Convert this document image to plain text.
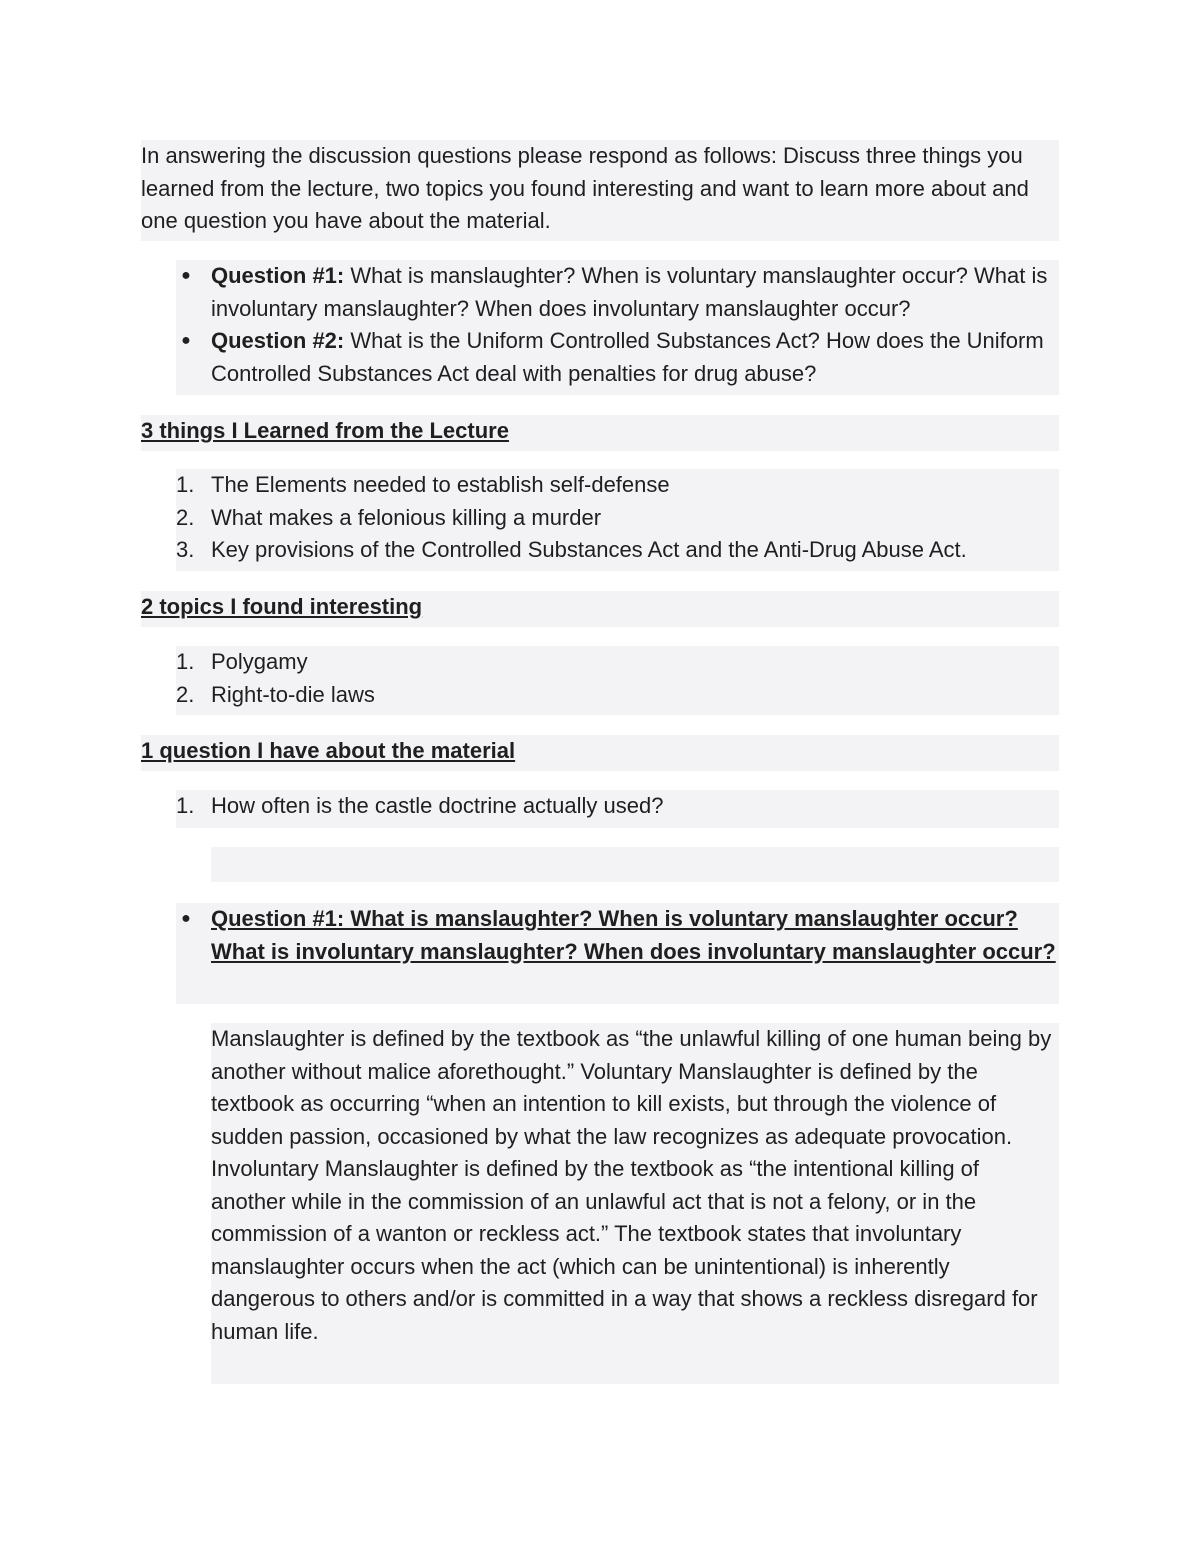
In answering the discussion questions please respond as follows: Discuss three things you learned from the lecture, two topics you found interesting and want to learn more about and one question you have about the material.

● Question #1: What is manslaughter? When is voluntary manslaughter occur? What is involuntary manslaughter? When does involuntary manslaughter occur?
● Question #2: What is the Uniform Controlled Substances Act? How does the Uniform Controlled Substances Act deal with penalties for drug abuse?
3 things I Learned from the Lecture
1. The Elements needed to establish self-defense
2. What makes a felonious killing a murder
3. Key provisions of the Controlled Substances Act and the Anti-Drug Abuse Act.
2 topics I found interesting
1. Polygamy
2. Right-to-die laws
1 question I have about the material
1. How often is the castle doctrine actually used?
● Question #1: What is manslaughter? When is voluntary manslaughter occur? What is involuntary manslaughter? When does involuntary manslaughter occur?

Manslaughter is defined by the textbook as “the unlawful killing of one human being by another without malice aforethought.” Voluntary Manslaughter is defined by the textbook as occurring “when an intention to kill exists, but through the violence of sudden passion, occasioned by what the law recognizes as adequate provocation. Involuntary Manslaughter is defined by the textbook as “the intentional killing of another while in the commission of an unlawful act that is not a felony, or in the commission of a wanton or reckless act.” The textbook states that involuntary manslaughter occurs when the act (which can be unintentional) is inherently dangerous to others and/or is committed in a way that shows a reckless disregard for human life.
